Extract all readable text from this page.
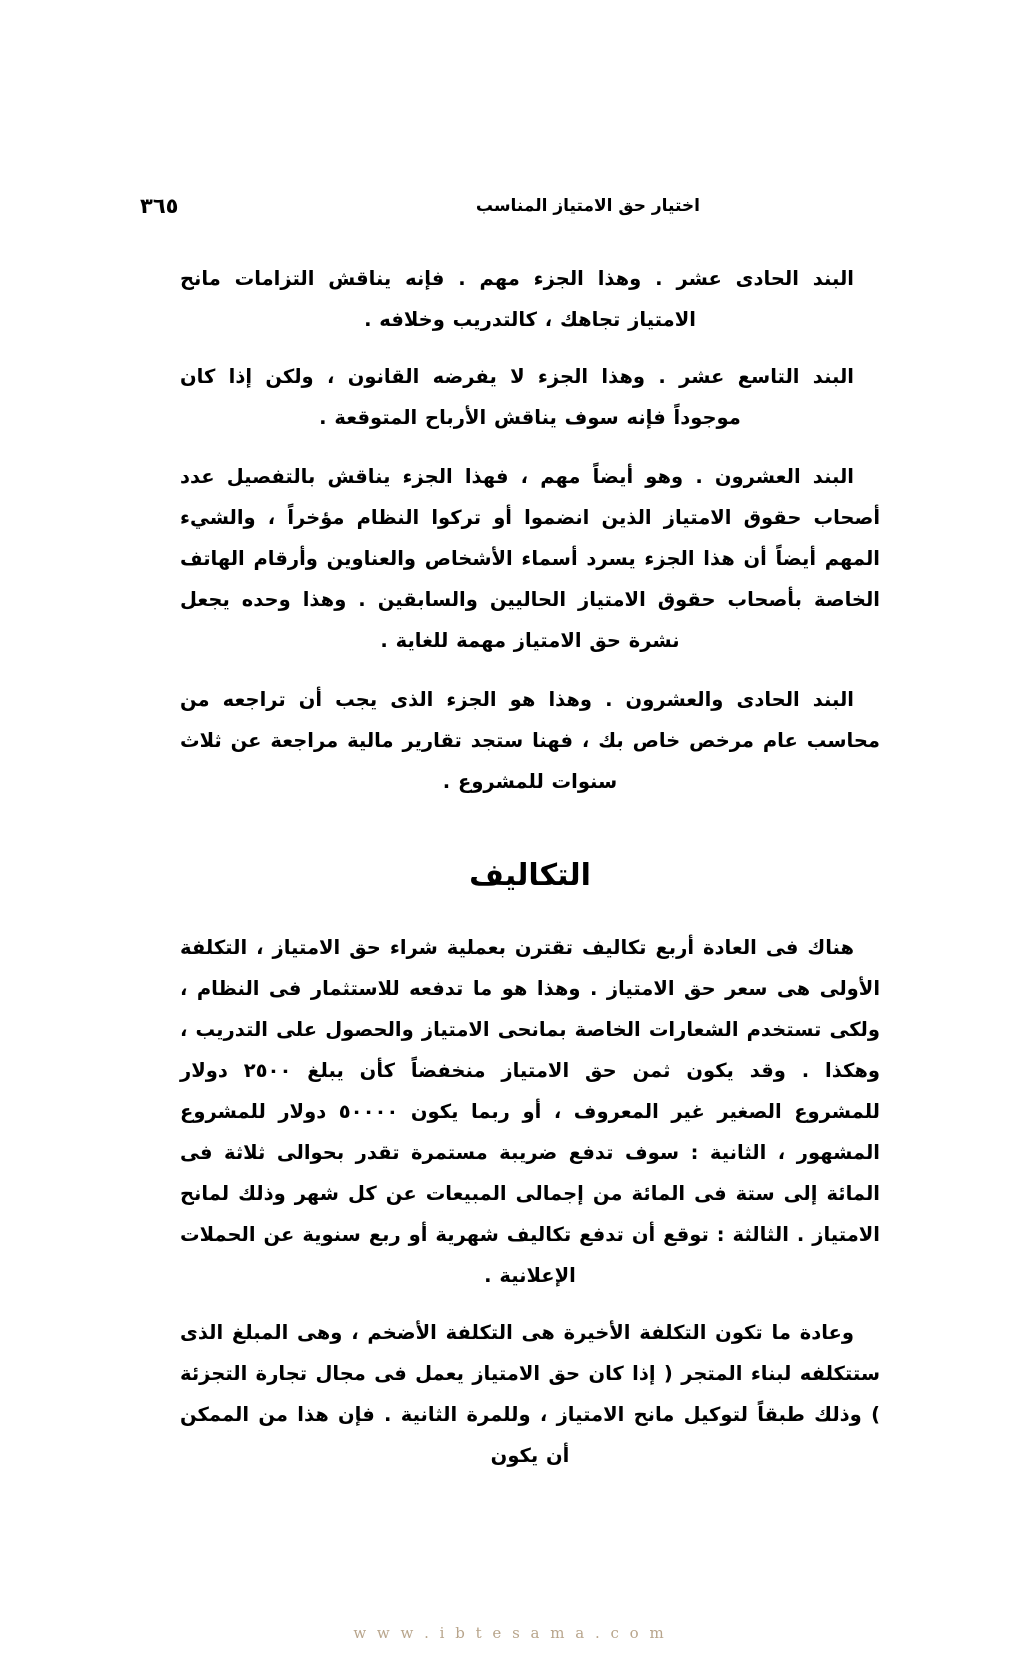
٣٦٥	اختيار حق الامتياز المناسب

البند الحادى عشر . وهذا الجزء مهم . فإنه يناقش التزامات مانح الامتياز تجاهك ، كالتدريب وخلافه .

البند التاسع عشر . وهذا الجزء لا يفرضه القانون ، ولكن إذا كان موجوداً فإنه سوف يناقش الأرباح المتوقعة .

البند العشرون . وهو أيضاً مهم ، فهذا الجزء يناقش بالتفصيل عدد أصحاب حقوق الامتياز الذين انضموا أو تركوا النظام مؤخراً ، والشيء المهم أيضاً أن هذا الجزء يسرد أسماء الأشخاص والعناوين وأرقام الهاتف الخاصة بأصحاب حقوق الامتياز الحاليين والسابقين . وهذا وحده يجعل نشرة حق الامتياز مهمة للغاية .

البند الحادى والعشرون . وهذا هو الجزء الذى يجب أن تراجعه من محاسب عام مرخص خاص بك ، فهنا ستجد تقارير مالية مراجعة عن ثلاث سنوات للمشروع .

التكاليف

هناك فى العادة أربع تكاليف تقترن بعملية شراء حق الامتياز ، التكلفة الأولى هى سعر حق الامتياز . وهذا هو ما تدفعه للاستثمار فى النظام ، ولكى تستخدم الشعارات الخاصة بمانحى الامتياز والحصول على التدريب ، وهكذا . وقد يكون ثمن حق الامتياز منخفضاً كأن يبلغ ٢٥٠٠ دولار للمشروع الصغير غير المعروف ، أو ربما يكون ٥٠٠٠٠ دولار للمشروع المشهور ، الثانية : سوف تدفع ضريبة مستمرة تقدر بحوالى ثلاثة فى المائة إلى ستة فى المائة من إجمالى المبيعات عن كل شهر وذلك لمانح الامتياز . الثالثة : توقع أن تدفع تكاليف شهرية أو ربع سنوية عن الحملات الإعلانية .

وعادة ما تكون التكلفة الأخيرة هى التكلفة الأضخم ، وهى المبلغ الذى ستتكلفه لبناء المتجر ( إذا كان حق الامتياز يعمل فى مجال تجارة التجزئة ) وذلك طبقاً لتوكيل مانح الامتياز ، وللمرة الثانية . فإن هذا من الممكن أن يكون

w w w . i b t e s a m a . c o m
